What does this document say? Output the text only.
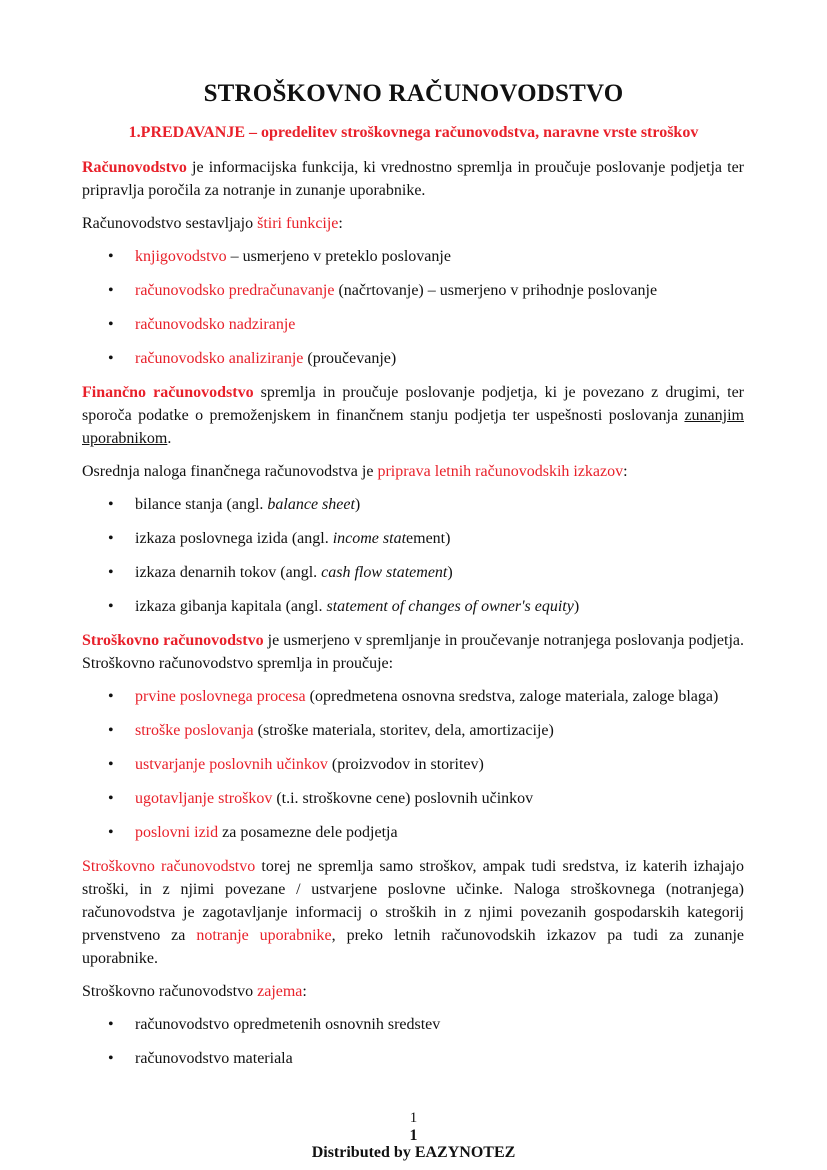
STROŠKOVNO RAČUNOVODSTVO
1.PREDAVANJE – opredelitev stroškovnega računovodstva, naravne vrste stroškov

Računovodstvo je informacijska funkcija, ki vrednostno spremlja in proučuje poslovanje podjetja ter pripravlja poročila za notranje in zunanje uporabnike.

Računovodstvo sestavljajo štiri funkcije:

• knjigovodstvo – usmerjeno v preteklo poslovanje
• računovodsko predračunavanje (načrtovanje) – usmerjeno v prihodnje poslovanje
• računovodsko nadziranje
• računovodsko analiziranje (proučevanje)

Finančno računovodstvo spremlja in proučuje poslovanje podjetja, ki je povezano z drugimi, ter sporoča podatke o premoženjskem in finančnem stanju podjetja ter uspešnosti poslovanja zunanjim uporabnikom.

Osrednja naloga finančnega računovodstva je priprava letnih računovodskih izkazov:

• bilance stanja (angl. balance sheet)
• izkaza poslovnega izida (angl. income statement)
• izkaza denarnih tokov (angl. cash flow statement)
• izkaza gibanja kapitala (angl. statement of changes of owner's equity)

Stroškovno računovodstvo je usmerjeno v spremljanje in proučevanje notranjega poslovanja podjetja. Stroškovno računovodstvo spremlja in proučuje:

• prvine poslovnega procesa (opredmetena osnovna sredstva, zaloge materiala, zaloge blaga)
• stroške poslovanja (stroške materiala, storitev, dela, amortizacije)
• ustvarjanje poslovnih učinkov (proizvodov in storitev)
• ugotavljanje stroškov (t.i. stroškovne cene) poslovnih učinkov
• poslovni izid za posamezne dele podjetja

Stroškovno računovodstvo torej ne spremlja samo stroškov, ampak tudi sredstva, iz katerih izhajajo stroški, in z njimi povezane / ustvarjene poslovne učinke. Naloga stroškovnega (notranjega) računovodstva je zagotavljanje informacij o stroških in z njimi povezanih gospodarskih kategorij prvenstveno za notranje uporabnike, preko letnih računovodskih izkazov pa tudi za zunanje uporabnike.

Stroškovno računovodstvo zajema:

• računovodstvo opredmetenih osnovnih sredstev
• računovodstvo materiala
1
1
Distributed by EAZYNOTEZ
